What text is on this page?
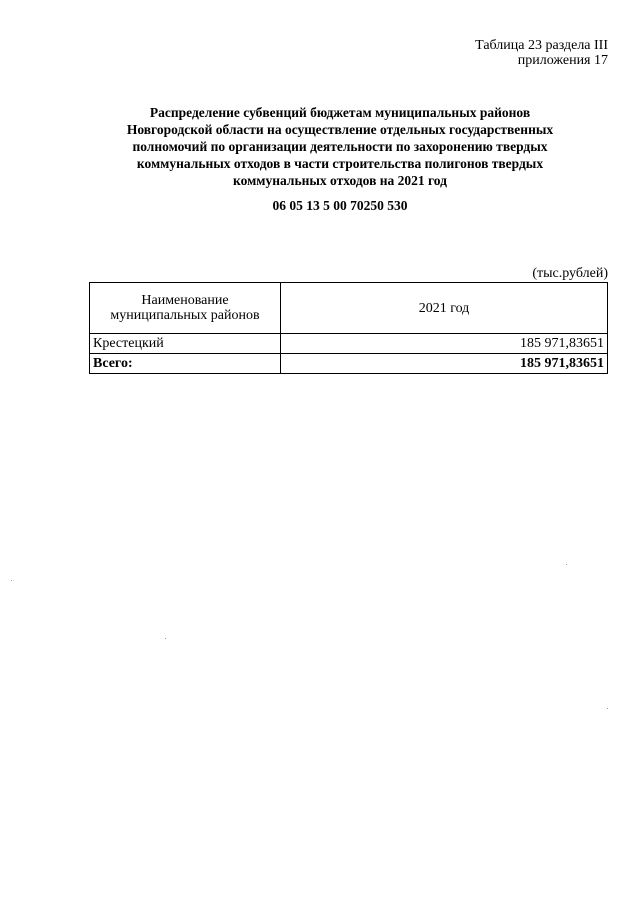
Таблица 23 раздела III
приложения 17
Распределение субвенций бюджетам муниципальных районов
Новгородской области на осуществление отдельных государственных
полномочий по организации деятельности по захоронению твердых
коммунальных отходов в части строительства полигонов твердых
коммунальных отходов на 2021 год
06 05 13 5 00 70250 530
(тыс.рублей)
Наименование муниципальных районов	2021 год
Крестецкий	185 971,83651
Всего:	185 971,83651
